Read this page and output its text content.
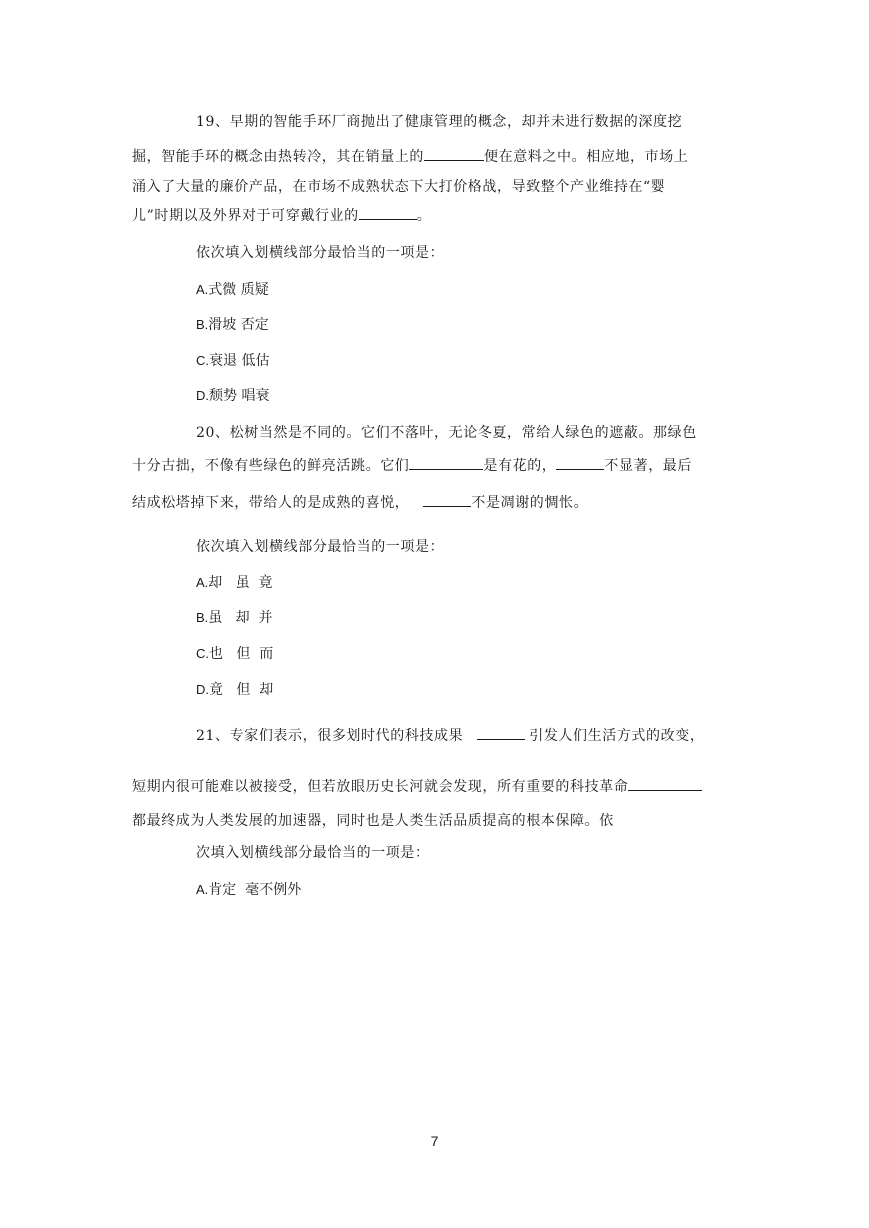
19、早期的智能手环厂商抛出了健康管理的概念，却并未进行数据的深度挖
掘，智能手环的概念由热转冷，其在销量上的	便在意料之中。相应地，市场上
涌入了大量的廉价产品，在市场不成熟状态下大打价格战，导致整个产业维持在“婴
儿”时期以及外界对于可穿戴行业的	。
依次填入划横线部分最恰当的一项是：
A.式微 质疑
B.滑坡 否定
C.衰退 低估
D.颓势 唱衰
20、松树当然是不同的。它们不落叶，无论冬夏，常给人绿色的遮蔽。那绿色
十分古拙，不像有些绿色的鲜亮活跳。它们	是有花的，	不显著，最后
结成松塔掉下来，带给人的是成熟的喜悦，	不是凋谢的惆怅。
依次填入划横线部分最恰当的一项是：
A.却   虽  竟
B.虽   却  并
C.也   但  而
D.竟   但  却
21、专家们表示，很多划时代的科技成果	引发人们生活方式的改变，
短期内很可能难以被接受，但若放眼历史长河就会发现，所有重要的科技革命
都最终成为人类发展的加速器，同时也是人类生活品质提高的根本保障。依
次填入划横线部分最恰当的一项是：
A.肯定  毫不例外
7
